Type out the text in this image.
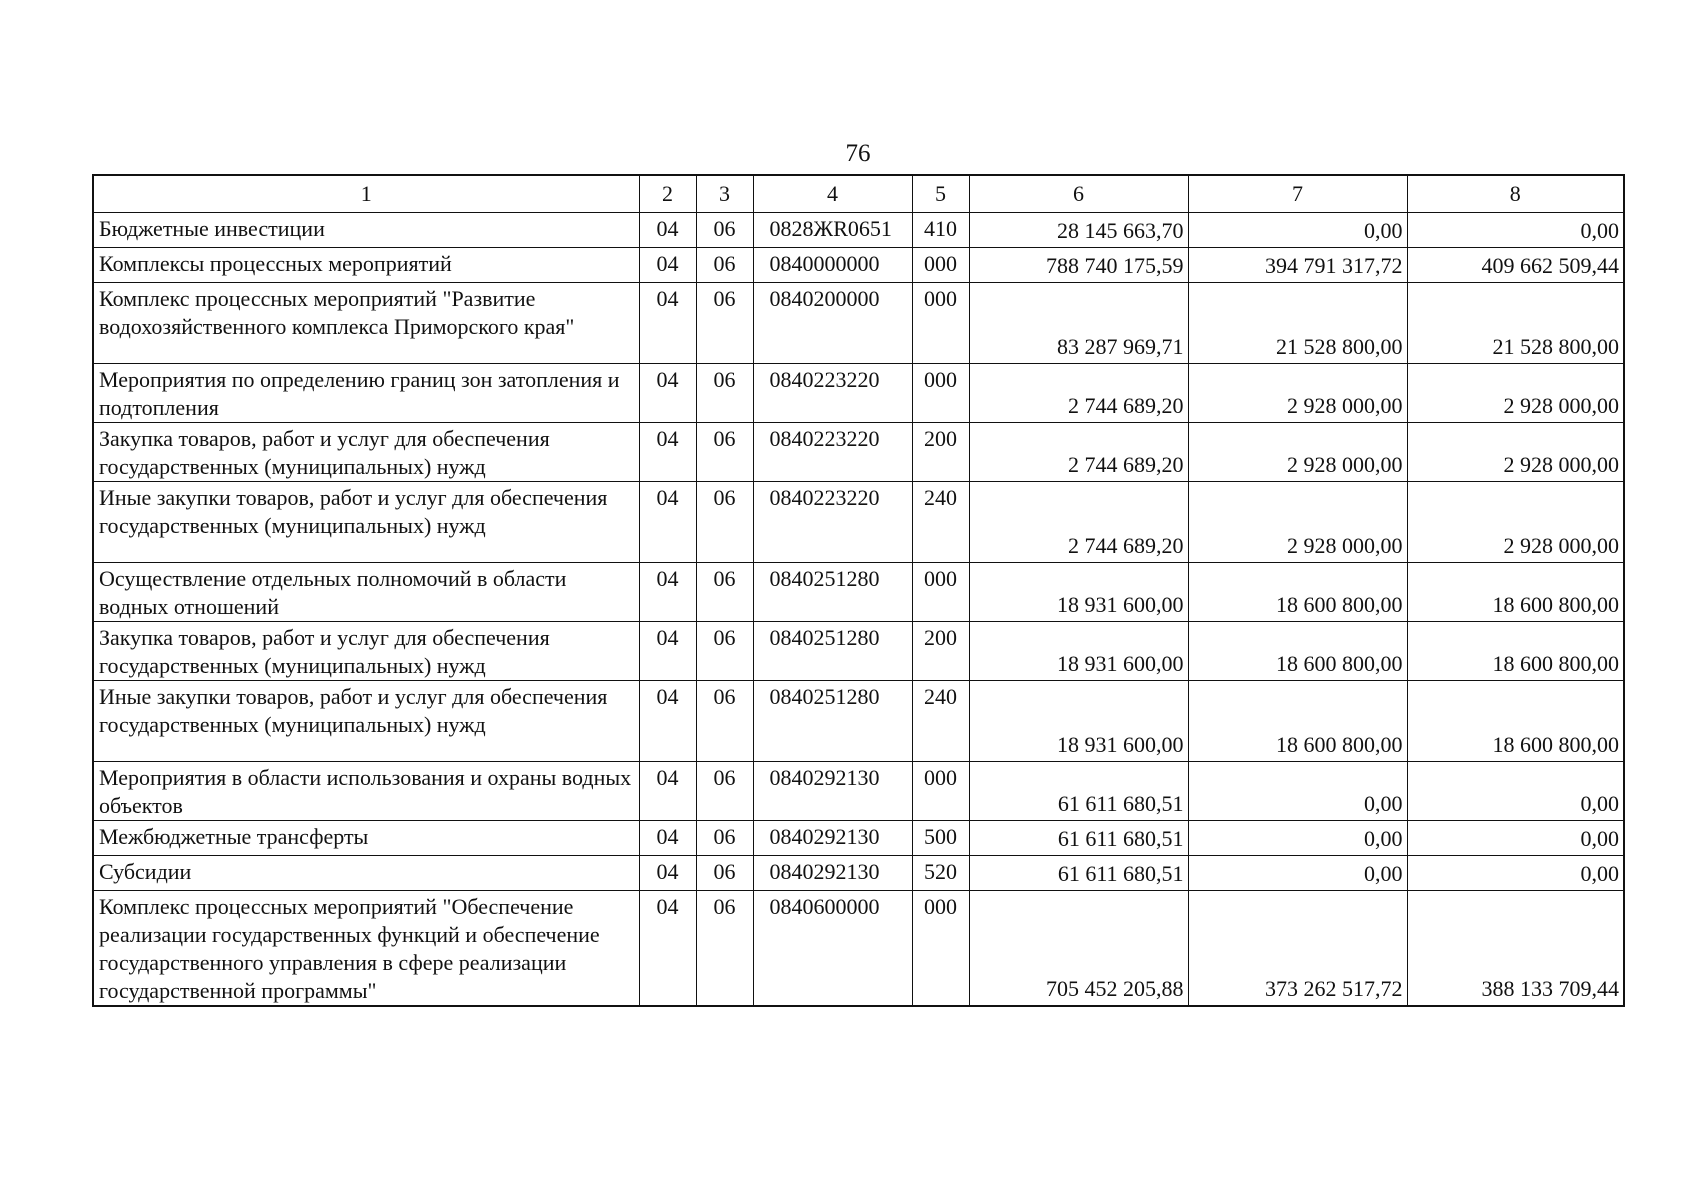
76
1	2	3	4	5	6	7	8
Бюджетные инвестиции	04	06	0828ЖR0651	410	28 145 663,70	0,00	0,00
Комплексы процессных мероприятий	04	06	0840000000	000	788 740 175,59	394 791 317,72	409 662 509,44
Комплекс процессных мероприятий "Развитие водохозяйственного комплекса Приморского края"	04	06	0840200000	000	83 287 969,71	21 528 800,00	21 528 800,00
Мероприятия по определению границ зон затопления и подтопления	04	06	0840223220	000	2 744 689,20	2 928 000,00	2 928 000,00
Закупка товаров, работ и услуг для обеспечения государственных (муниципальных) нужд	04	06	0840223220	200	2 744 689,20	2 928 000,00	2 928 000,00
Иные закупки товаров, работ и услуг для обеспечения государственных (муниципальных) нужд	04	06	0840223220	240	2 744 689,20	2 928 000,00	2 928 000,00
Осуществление отдельных полномочий в области водных отношений	04	06	0840251280	000	18 931 600,00	18 600 800,00	18 600 800,00
Закупка товаров, работ и услуг для обеспечения государственных (муниципальных) нужд	04	06	0840251280	200	18 931 600,00	18 600 800,00	18 600 800,00
Иные закупки товаров, работ и услуг для обеспечения государственных (муниципальных) нужд	04	06	0840251280	240	18 931 600,00	18 600 800,00	18 600 800,00
Мероприятия в области использования и охраны водных объектов	04	06	0840292130	000	61 611 680,51	0,00	0,00
Межбюджетные трансферты	04	06	0840292130	500	61 611 680,51	0,00	0,00
Субсидии	04	06	0840292130	520	61 611 680,51	0,00	0,00
Комплекс процессных мероприятий "Обеспечение реализации государственных функций и обеспечение государственного управления в сфере реализации государственной программы"	04	06	0840600000	000	705 452 205,88	373 262 517,72	388 133 709,44
